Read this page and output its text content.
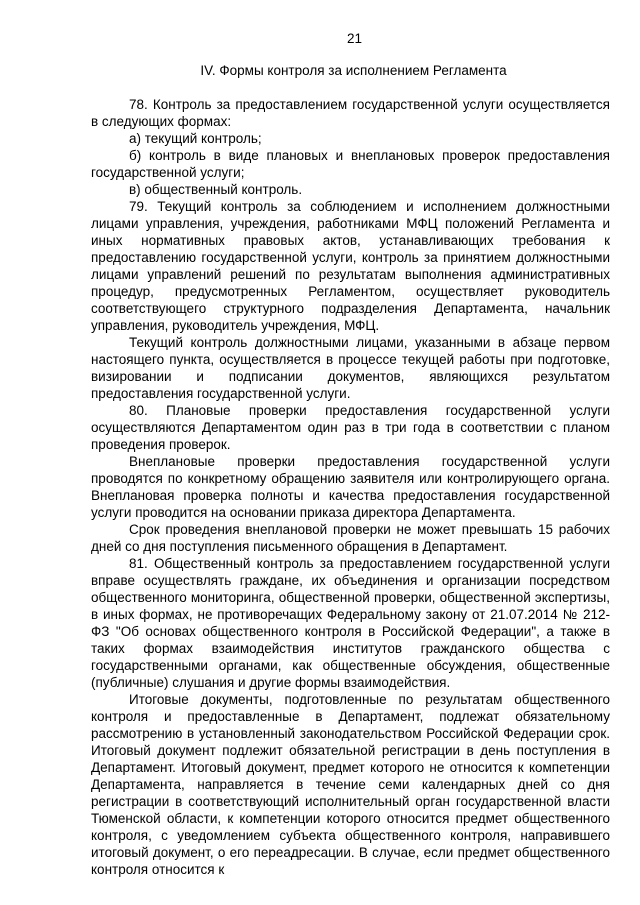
21
IV. Формы контроля за исполнением Регламента

78. Контроль за предоставлением государственной услуги осуществляется в следующих формах:

а) текущий контроль;

б) контроль в виде плановых и внеплановых проверок предоставления государственной услуги;

в) общественный контроль.

79. Текущий контроль за соблюдением и исполнением должностными лицами управления, учреждения, работниками МФЦ положений Регламента и иных нормативных правовых актов, устанавливающих требования к предоставлению государственной услуги, контроль за принятием должностными лицами управлений решений по результатам выполнения административных процедур, предусмотренных Регламентом, осуществляет руководитель соответствующего структурного подразделения Департамента, начальник управления, руководитель учреждения, МФЦ.

Текущий контроль должностными лицами, указанными в абзаце первом настоящего пункта, осуществляется в процессе текущей работы при подготовке, визировании и подписании документов, являющихся результатом предоставления государственной услуги.

80. Плановые проверки предоставления государственной услуги осуществляются Департаментом один раз в три года в соответствии с планом проведения проверок.

Внеплановые проверки предоставления государственной услуги проводятся по конкретному обращению заявителя или контролирующего органа. Внеплановая проверка полноты и качества предоставления государственной услуги проводится на основании приказа директора Департамента.

Срок проведения внеплановой проверки не может превышать 15 рабочих дней со дня поступления письменного обращения в Департамент.

81. Общественный контроль за предоставлением государственной услуги вправе осуществлять граждане, их объединения и организации посредством общественного мониторинга, общественной проверки, общественной экспертизы, в иных формах, не противоречащих Федеральному закону от 21.07.2014 № 212-ФЗ "Об основах общественного контроля в Российской Федерации", а также в таких формах взаимодействия институтов гражданского общества с государственными органами, как общественные обсуждения, общественные (публичные) слушания и другие формы взаимодействия.

Итоговые документы, подготовленные по результатам общественного контроля и предоставленные в Департамент, подлежат обязательному рассмотрению в установленный законодательством Российской Федерации срок. Итоговый документ подлежит обязательной регистрации в день поступления в Департамент. Итоговый документ, предмет которого не относится к компетенции Департамента, направляется в течение семи календарных дней со дня регистрации в соответствующий исполнительный орган государственной власти Тюменской области, к компетенции которого относится предмет общественного контроля, с уведомлением субъекта общественного контроля, направившего итоговый документ, о его переадресации. В случае, если предмет общественного контроля относится к
